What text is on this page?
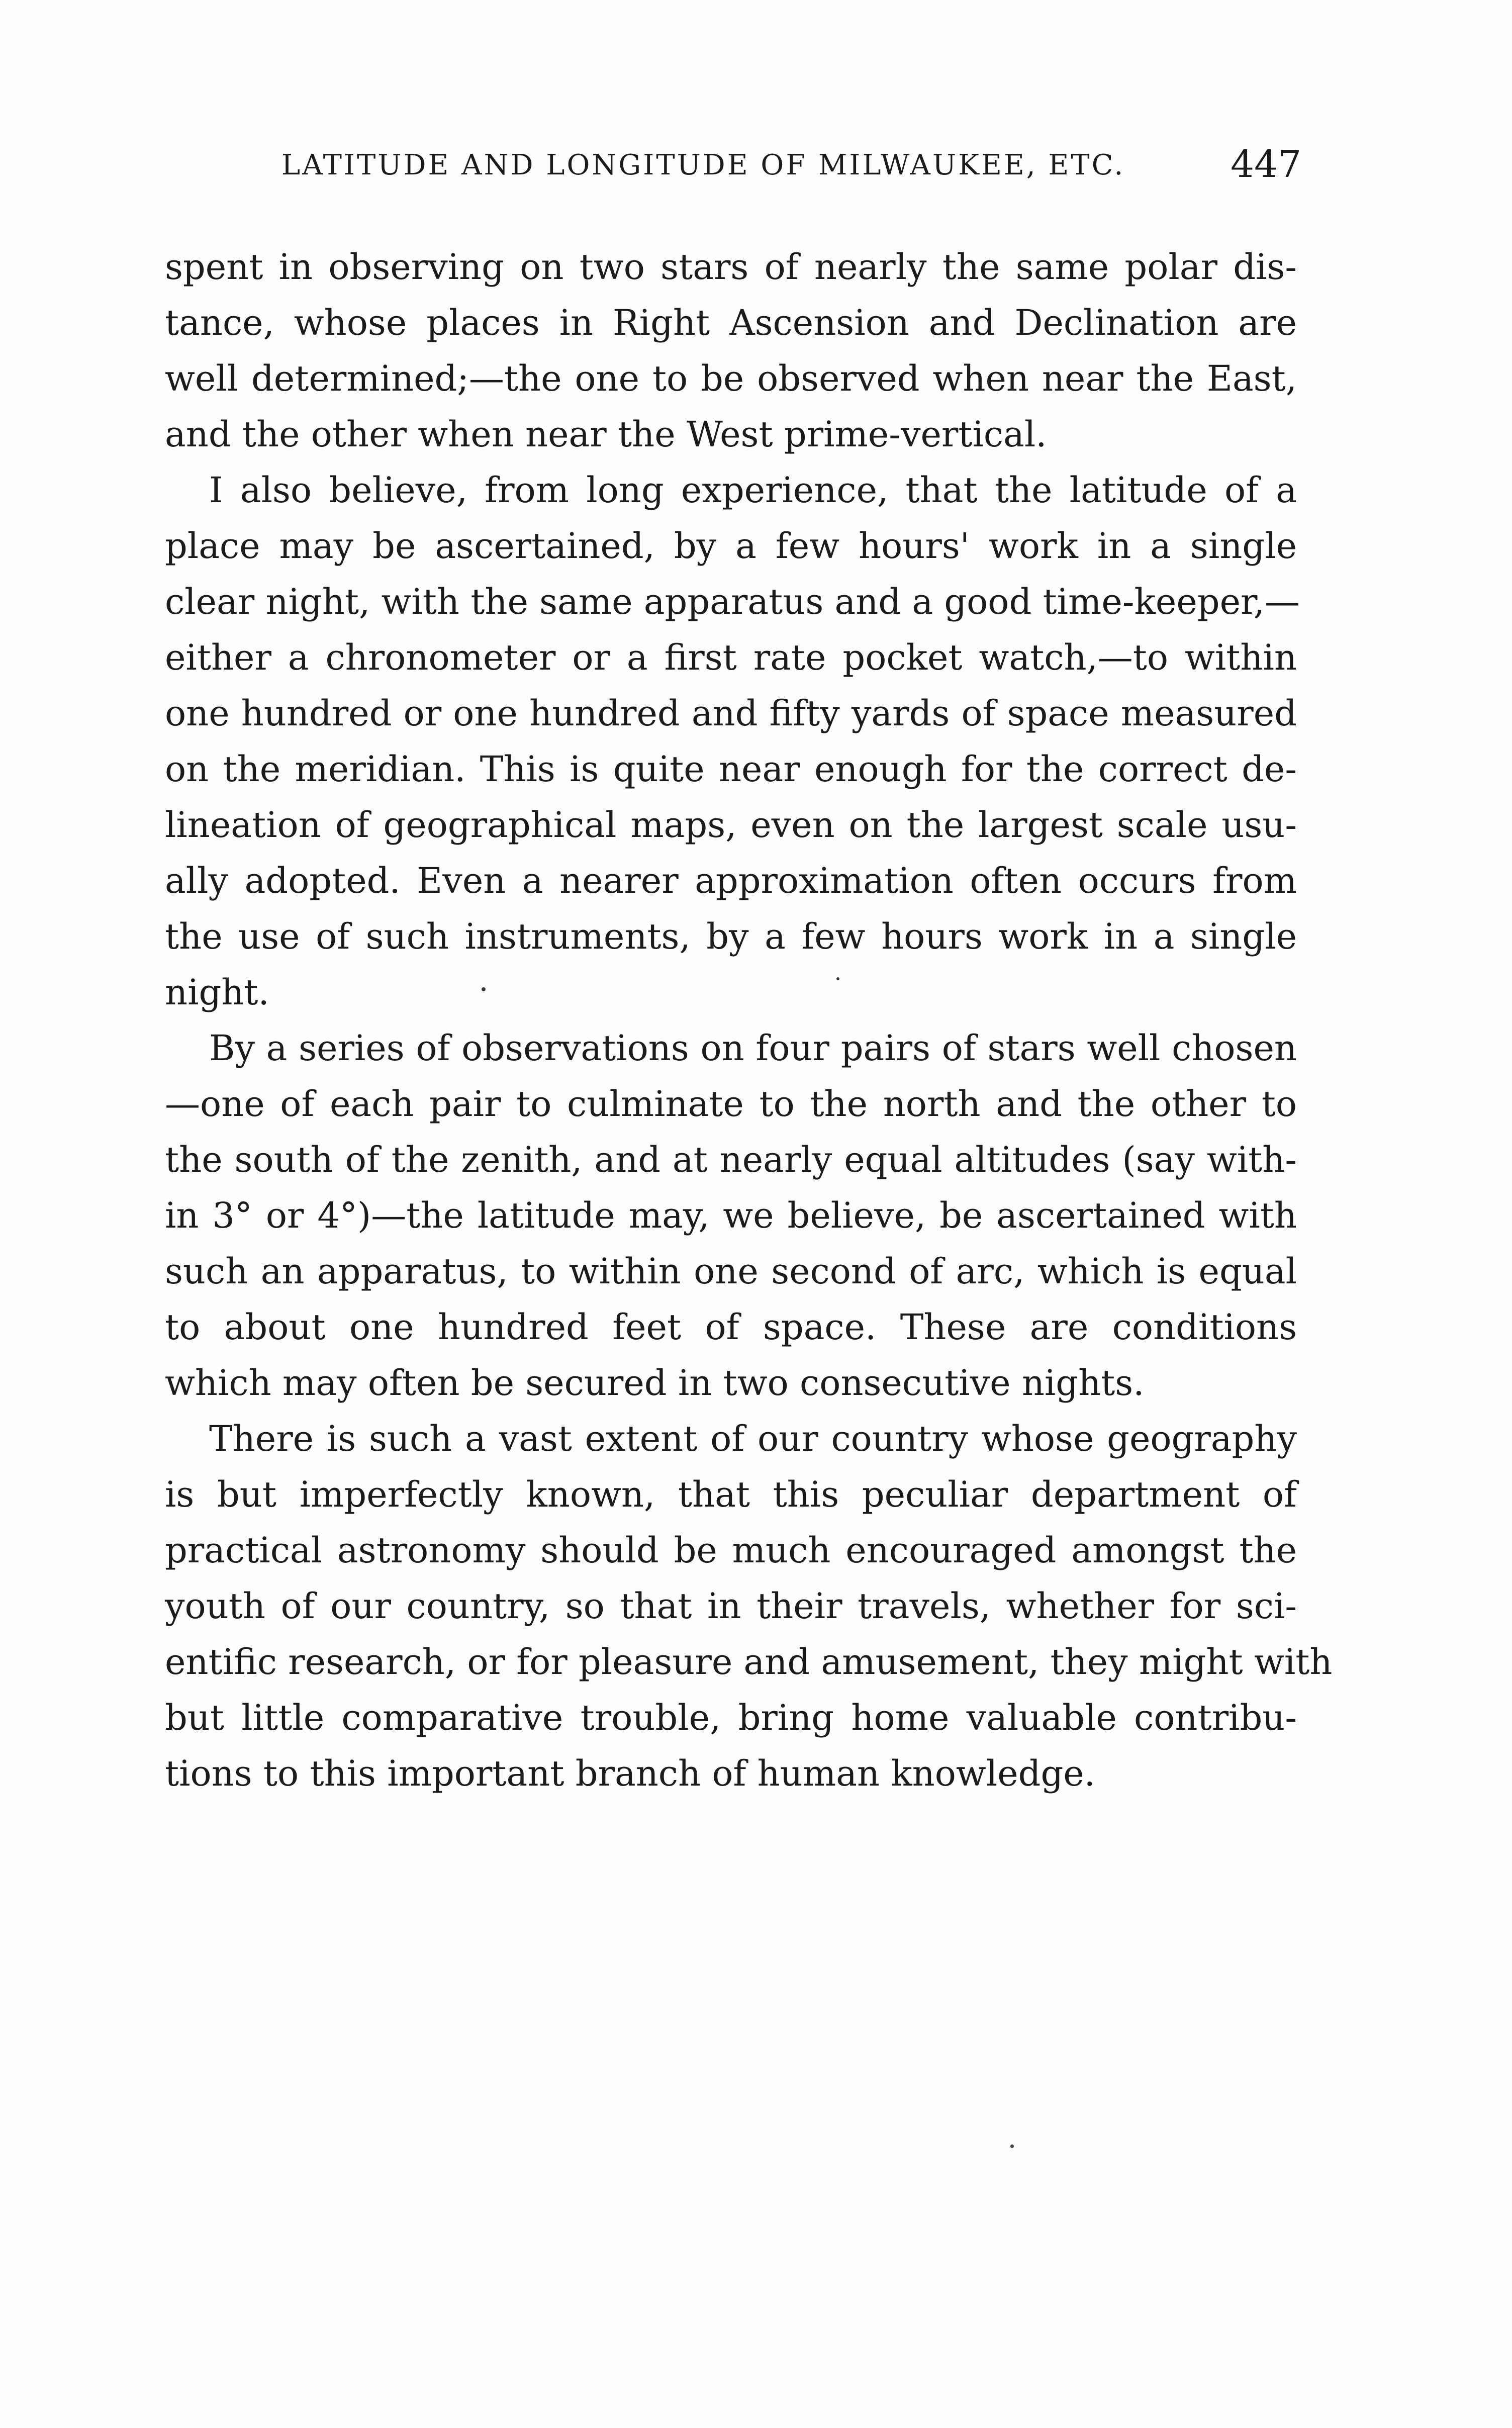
LATITUDE AND LONGITUDE OF MILWAUKEE, ETC.	447
spent in observing on two stars of nearly the same polar dis-
tance, whose places in Right Ascension and Declination are
well determined;—the one to be observed when near the East,
and the other when near the West prime-vertical.
I also believe, from long experience, that the latitude of a
place may be ascertained, by a few hours' work in a single
clear night, with the same apparatus and a good time-keeper,—
either a chronometer or a first rate pocket watch,—to within
one hundred or one hundred and fifty yards of space measured
on the meridian. This is quite near enough for the correct de-
lineation of geographical maps, even on the largest scale usu-
ally adopted. Even a nearer approximation often occurs from
the use of such instruments, by a few hours work in a single
night.
By a series of observations on four pairs of stars well chosen
—one of each pair to culminate to the north and the other to
the south of the zenith, and at nearly equal altitudes (say with-
in 3° or 4°)—the latitude may, we believe, be ascertained with
such an apparatus, to within one second of arc, which is equal
to about one hundred feet of space. These are conditions
which may often be secured in two consecutive nights.
There is such a vast extent of our country whose geography
is but imperfectly known, that this peculiar department of
practical astronomy should be much encouraged amongst the
youth of our country, so that in their travels, whether for sci-
entific research, or for pleasure and amusement, they might with
but little comparative trouble, bring home valuable contribu-
tions to this important branch of human knowledge.
